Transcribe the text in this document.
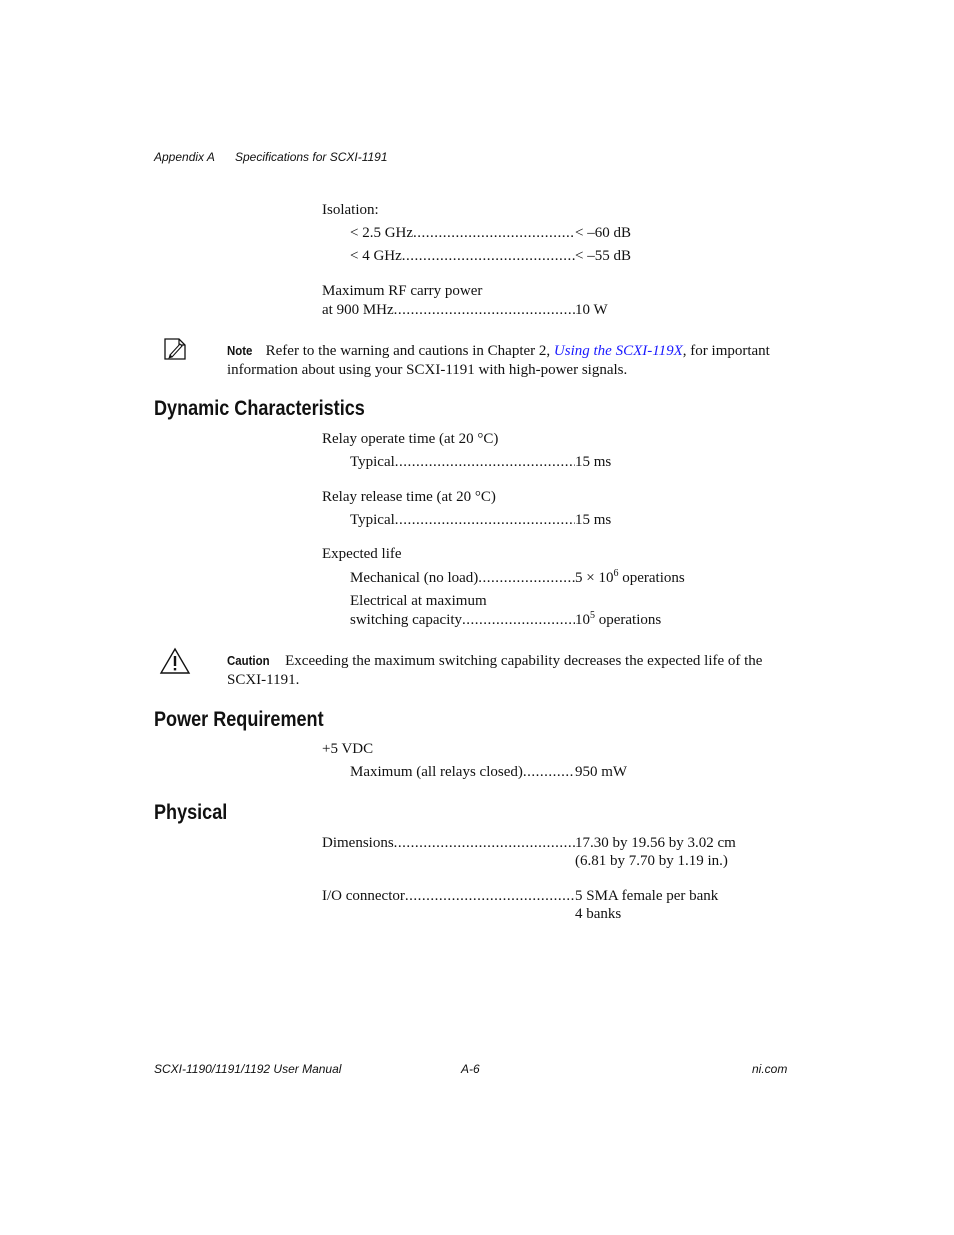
Appendix A Specifications for SCXI-1191
Isolation:
< 2.5 GHz .....	< –60 dB
< 4 GHz .....	< –55 dB
Maximum RF carry power
at 900 MHz .....	10 W
Note Refer to the warning and cautions in Chapter 2, Using the SCXI-119X, for important
information about using your SCXI-1191 with high-power signals.
Dynamic Characteristics
Relay operate time (at 20 °C)
Typical .....	15 ms
Relay release time (at 20 °C)
Typical .....	15 ms
Expected life
Mechanical (no load) .....	$5 \times 10^6$ operations
Electrical at maximum
switching capacity .....	$10^5$ operations
Caution Exceeding the maximum switching capability decreases the expected life of the
SCXI-1191.
Power Requirement
+5 VDC
Maximum (all relays closed) .....	950 mW
Physical
Dimensions .....	17.30 by 19.56 by 3.02 cm
(6.81 by 7.70 by 1.19 in.)
I/O connector .....	5 SMA female per bank
4 banks
SCXI-1190/1191/1192 User Manual	A-6	ni.com
